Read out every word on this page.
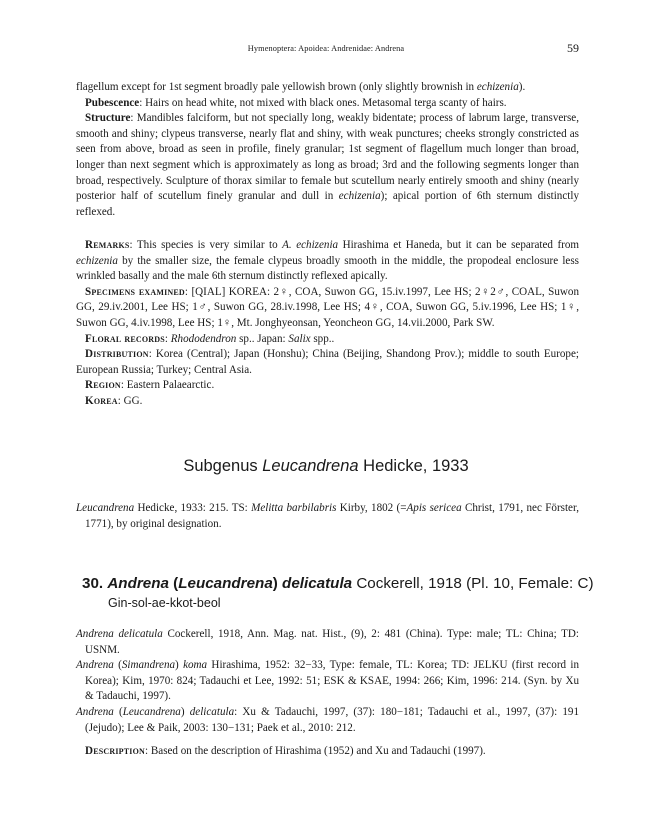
Hymenoptera: Apoidea: Andrenidae: Andrena	59

flagellum except for 1st segment broadly pale yellowish brown (only slightly brownish in echizenia).

Pubescence: Hairs on head white, not mixed with black ones. Metasomal terga scanty of hairs.

Structure: Mandibles falciform, but not specially long, weakly bidentate; process of labrum large, transverse, smooth and shiny; clypeus transverse, nearly flat and shiny, with weak punctures; cheeks strongly constricted as seen from above, broad as seen in profile, finely granular; 1st segment of flagellum much longer than broad, longer than next segment which is approximately as long as broad; 3rd and the following segments longer than broad, respectively. Sculpture of thorax similar to female but scutellum nearly entirely smooth and shiny (nearly posterior half of scutellum finely granular and dull in echizenia); apical portion of 6th sternum distinctly reflexed.

Remarks: This species is very similar to A. echizenia Hirashima et Haneda, but it can be separated from echizenia by the smaller size, the female clypeus broadly smooth in the middle, the propodeal enclosure less wrinkled basally and the male 6th sternum distinctly reflexed apically.

Specimens examined: [QIAL] KOREA: 2♀, COA, Suwon GG, 15.iv.1997, Lee HS; 2♀2♂, COAL, Suwon GG, 29.iv.2001, Lee HS; 1♂, Suwon GG, 28.iv.1998, Lee HS; 4♀, COA, Suwon GG, 5.iv.1996, Lee HS; 1♀, Suwon GG, 4.iv.1998, Lee HS; 1♀, Mt. Jonghyeonsan, Yeoncheon GG, 14.vii.2000, Park SW.

Floral records: Rhododendron sp.. Japan: Salix spp..

Distribution: Korea (Central); Japan (Honshu); China (Beijing, Shandong Prov.); middle to south Europe; European Russia; Turkey; Central Asia.

Region: Eastern Palaearctic.

Korea: GG.

Subgenus Leucandrena Hedicke, 1933

Leucandrena Hedicke, 1933: 215. TS: Melitta barbilabris Kirby, 1802 (=Apis sericea Christ, 1791, nec Förster, 1771), by original designation.

30. Andrena (Leucandrena) delicatula Cockerell, 1918 (Pl. 10, Female: C)
Gin-sol-ae-kkot-beol

Andrena delicatula Cockerell, 1918, Ann. Mag. nat. Hist., (9), 2: 481 (China). Type: male; TL: China; TD: USNM.

Andrena (Simandrena) koma Hirashima, 1952: 32−33, Type: female, TL: Korea; TD: JELKU (first record in Korea); Kim, 1970: 824; Tadauchi et Lee, 1992: 51; ESK & KSAE, 1994: 266; Kim, 1996: 214. (Syn. by Xu & Tadauchi, 1997).

Andrena (Leucandrena) delicatula: Xu & Tadauchi, 1997, (37): 180−181; Tadauchi et al., 1997, (37): 191 (Jejudo); Lee & Paik, 2003: 130−131; Paek et al., 2010: 212.

Description: Based on the description of Hirashima (1952) and Xu and Tadauchi (1997).
